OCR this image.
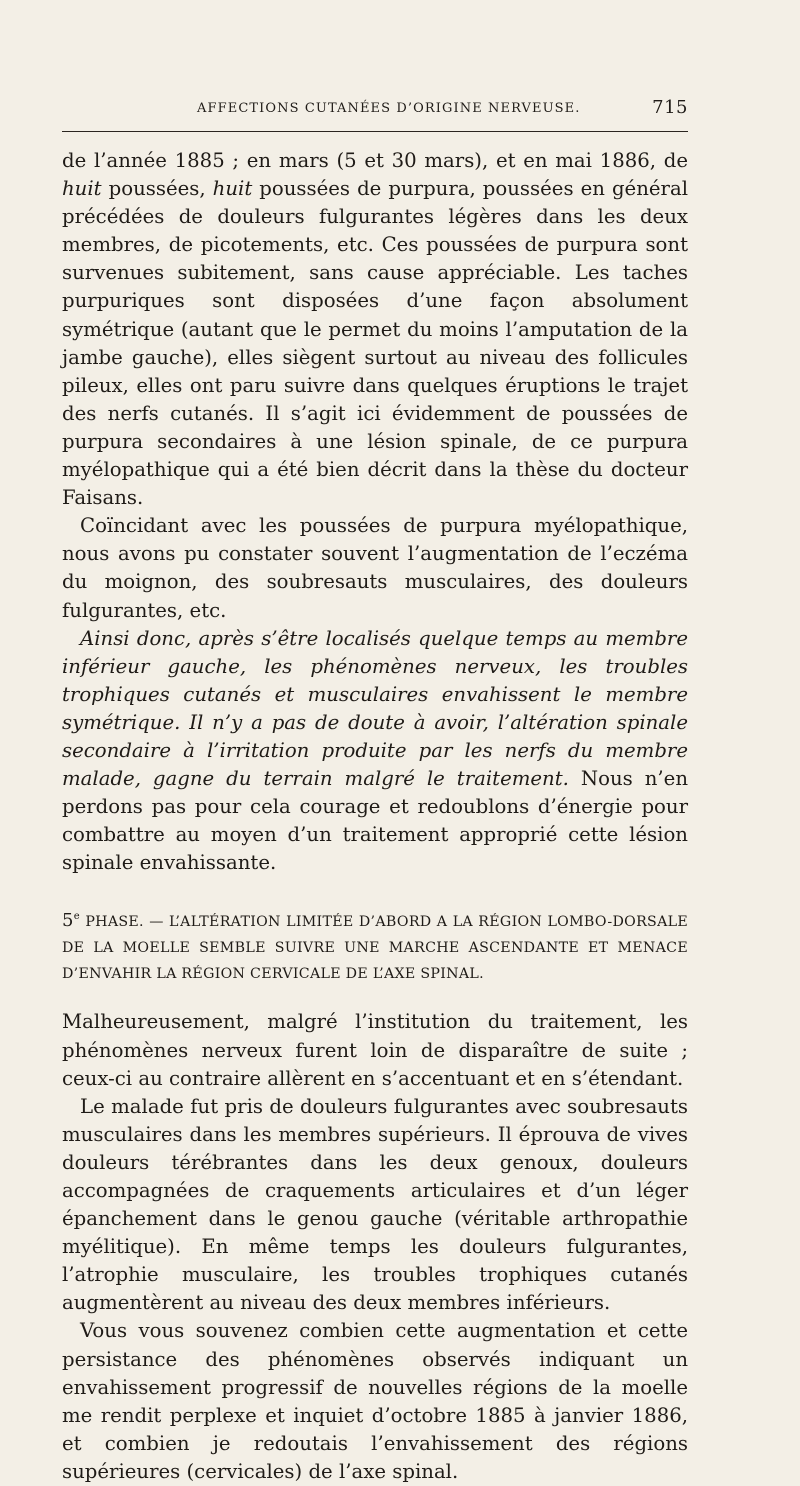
AFFECTIONS CUTANÉES D’ORIGINE NERVEUSE.	715

de l’année 1885 ; en mars (5 et 30 mars), et en mai 1886, de huit poussées, huit poussées de purpura, poussées en général précédées de douleurs fulgurantes légères dans les deux membres, de picotements, etc. Ces poussées de purpura sont survenues subitement, sans cause appréciable. Les taches purpuriques sont disposées d’une façon absolument symétrique (autant que le permet du moins l’amputation de la jambe gauche), elles siègent surtout au niveau des follicules pileux, elles ont paru suivre dans quelques éruptions le trajet des nerfs cutanés. Il s’agit ici évidemment de poussées de purpura secondaires à une lésion spinale, de ce purpura myélopathique qui a été bien décrit dans la thèse du docteur Faisans.

Coïncidant avec les poussées de purpura myélopathique, nous avons pu constater souvent l’augmentation de l’eczéma du moignon, des soubresauts musculaires, des douleurs fulgurantes, etc.

Ainsi donc, après s’être localisés quelque temps au membre inférieur gauche, les phénomènes nerveux, les troubles trophiques cutanés et musculaires envahissent le membre symétrique. Il n’y a pas de doute à avoir, l’altération spinale secondaire à l’irritation produite par les nerfs du membre malade, gagne du terrain malgré le traitement. Nous n’en perdons pas pour cela courage et redoublons d’énergie pour combattre au moyen d’un traitement approprié cette lésion spinale envahissante.

5e PHASE. — L’ALTÉRATION LIMITÉE D’ABORD A LA RÉGION LOMBO-DORSALE DE LA MOELLE SEMBLE SUIVRE UNE MARCHE ASCENDANTE ET MENACE D’ENVAHIR LA RÉGION CERVICALE DE L’AXE SPINAL.

Malheureusement, malgré l’institution du traitement, les phénomènes nerveux furent loin de disparaître de suite ; ceux-ci au contraire allèrent en s’accentuant et en s’étendant.

Le malade fut pris de douleurs fulgurantes avec soubresauts musculaires dans les membres supérieurs. Il éprouva de vives douleurs térébrantes dans les deux genoux, douleurs accompagnées de craquements articulaires et d’un léger épanchement dans le genou gauche (véritable arthropathie myélitique). En même temps les douleurs fulgurantes, l’atrophie musculaire, les troubles trophiques cutanés augmentèrent au niveau des deux membres inférieurs.

Vous vous souvenez combien cette augmentation et cette persistance des phénomènes observés indiquant un envahissement progressif de nouvelles régions de la moelle me rendit perplexe et inquiet d’octobre 1885 à janvier 1886, et combien je redoutais l’envahissement des régions supérieures (cervicales) de l’axe spinal.
